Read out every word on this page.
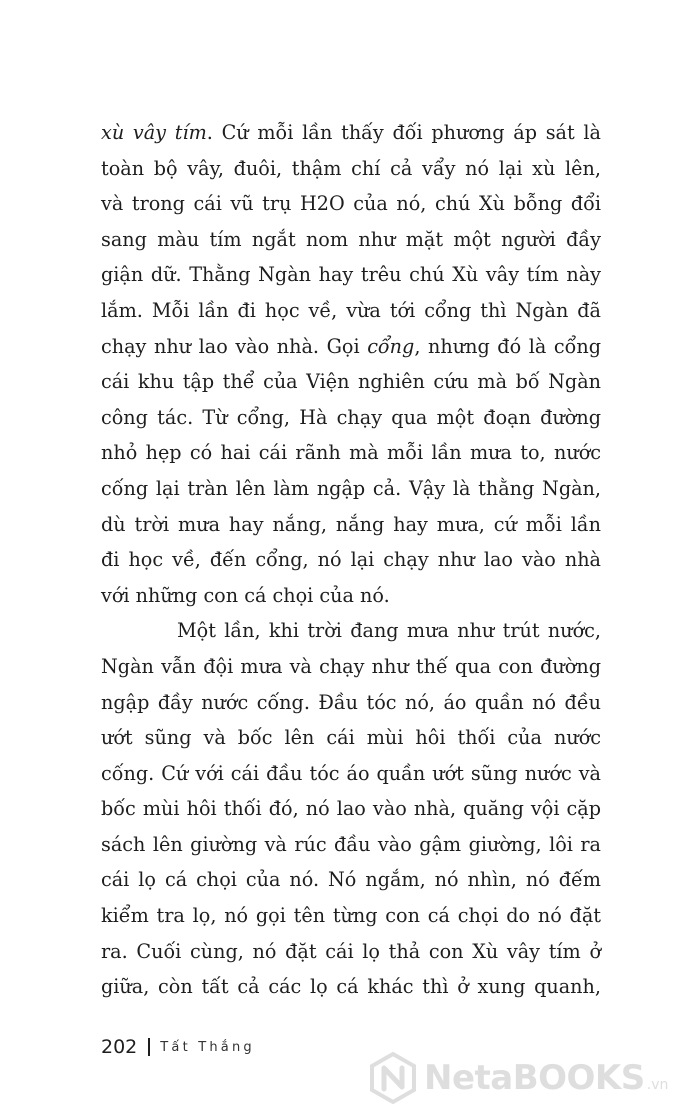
xù vây tím. Cứ mỗi lần thấy đối phương áp sát là
toàn bộ vây, đuôi, thậm chí cả vẩy nó lại xù lên,
và trong cái vũ trụ H2O của nó, chú Xù bỗng đổi
sang màu tím ngắt nom như mặt một người đầy
giận dữ. Thằng Ngàn hay trêu chú Xù vây tím này
lắm. Mỗi lần đi học về, vừa tới cổng thì Ngàn đã
chạy như lao vào nhà. Gọi cổng, nhưng đó là cổng
cái khu tập thể của Viện nghiên cứu mà bố Ngàn
công tác. Từ cổng, Hà chạy qua một đoạn đường
nhỏ hẹp có hai cái rãnh mà mỗi lần mưa to, nước
cống lại tràn lên làm ngập cả. Vậy là thằng Ngàn,
dù trời mưa hay nắng, nắng hay mưa, cứ mỗi lần
đi học về, đến cổng, nó lại chạy như lao vào nhà
với những con cá chọi của nó.
Một lần, khi trời đang mưa như trút nước,
Ngàn vẫn đội mưa và chạy như thế qua con đường
ngập đầy nước cống. Đầu tóc nó, áo quần nó đều
ướt sũng và bốc lên cái mùi hôi thối của nước
cống. Cứ với cái đầu tóc áo quần ướt sũng nước và
bốc mùi hôi thối đó, nó lao vào nhà, quăng vội cặp
sách lên giường và rúc đầu vào gậm giường, lôi ra
cái lọ cá chọi của nó. Nó ngắm, nó nhìn, nó đếm
kiểm tra lọ, nó gọi tên từng con cá chọi do nó đặt
ra. Cuối cùng, nó đặt cái lọ thả con Xù vây tím ở
giữa, còn tất cả các lọ cá khác thì ở xung quanh,
202 Tất Thắng
NetaBOOKS .vn
